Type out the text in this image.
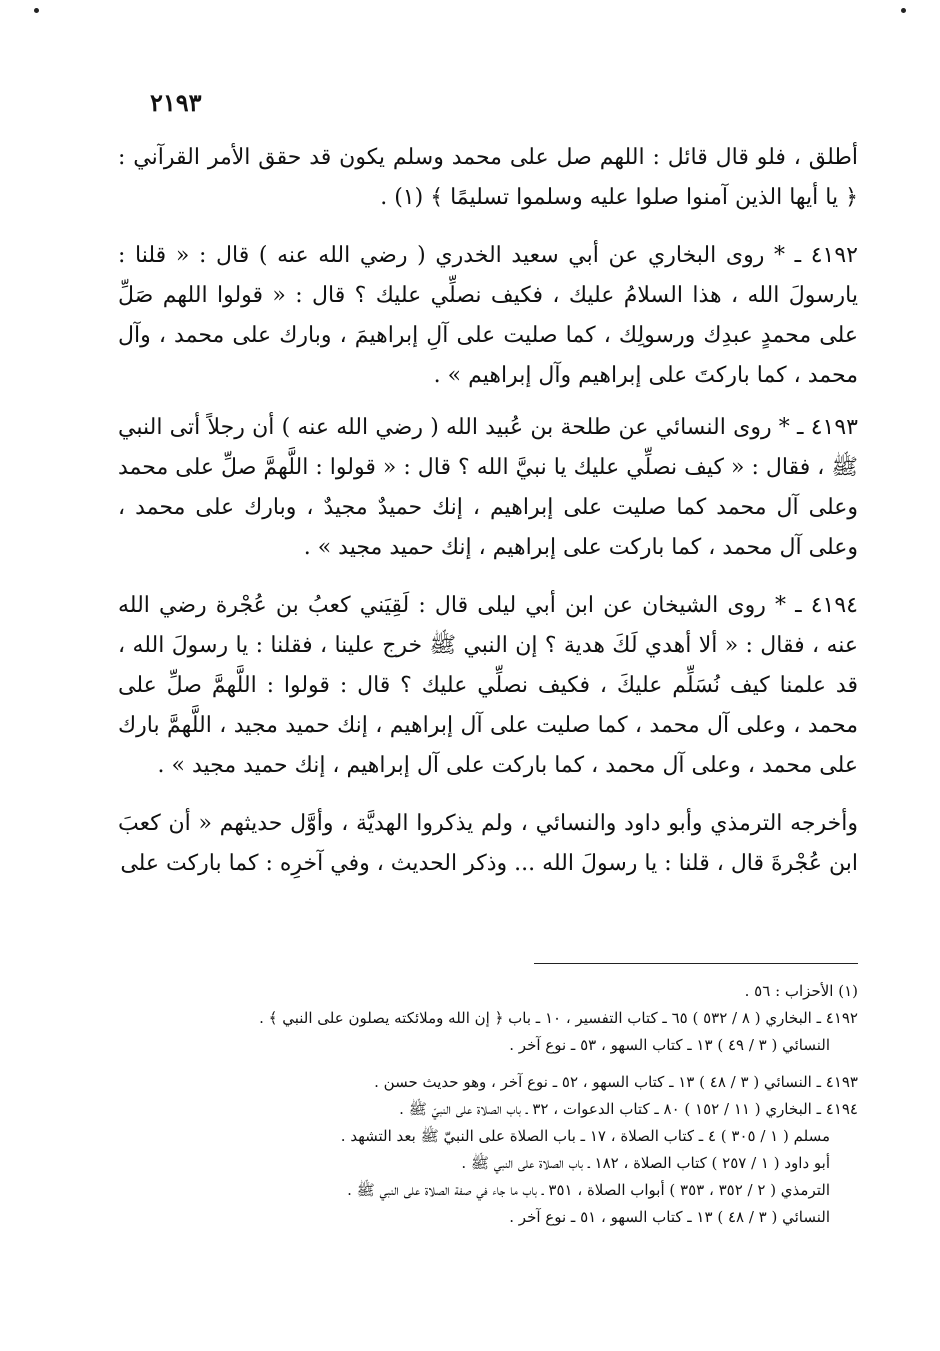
٢١٩٣

أطلق ، فلو قال قائل : اللهم صل على محمد وسلم يكون قد حقق الأمر القرآني : ﴿ يا أيها الذين آمنوا صلوا عليه وسلموا تسليمًا ﴾ (١) .

٤١٩٢ ـ * روى البخاري عن أبي سعيد الخدري ( رضي الله عنه ) قال : « قلنا : يارسولَ الله ، هذا السلامُ عليك ، فكيف نصلِّي عليك ؟ قال : « قولوا اللهم صَلِّ على محمدٍ عبدِك ورسولِك ، كما صليت على آلِ إبراهيمَ ، وبارك على محمد ، وآل محمد ، كما باركتَ على إبراهيم وآل إبراهيم » .

٤١٩٣ ـ * روى النسائي عن طلحة بن عُبيد الله ( رضي الله عنه ) أن رجلاً أتى النبي ﷺ ، فقال : « كيف نصلِّي عليك يا نبيَّ الله ؟ قال : « قولوا : اللَّهمَّ صلِّ على محمد وعلى آل محمد كما صليت على إبراهيم ، إنك حميدٌ مجيدٌ ، وبارك على محمد ، وعلى آل محمد ، كما باركت على إبراهيم ، إنك حميد مجيد » .

٤١٩٤ ـ * روى الشيخان عن ابن أبي ليلى قال : لَقِيَني كعبُ بن عُجْرة رضي الله عنه ، فقال : « ألا أهدي لَكَ هدية ؟ إن النبي ﷺ خرج علينا ، فقلنا : يا رسولَ الله ، قد علمنا كيف نُسَلِّم عليكَ ، فكيف نصلِّي عليك ؟ قال : قولوا : اللَّهمَّ صلِّ على محمد ، وعلى آل محمد ، كما صليت على آل إبراهيم ، إنك حميد مجيد ، اللَّهمَّ بارك على محمد ، وعلى آل محمد ، كما باركت على آل إبراهيم ، إنك حميد مجيد » .

وأخرجه الترمذي وأبو داود والنسائي ، ولم يذكروا الهديَّة ، وأوَّل حديثهم « أن كعبَ ابن عُجْرةَ قال ، قلنا : يا رسولَ الله ... وذكر الحديث ، وفي آخرِه : كما باركت على

(١) الأحزاب : ٥٦ .

٤١٩٢ ـ البخاري ( ٨ / ٥٣٢ ) ٦٥ ـ كتاب التفسير ، ١٠ ـ باب ﴿ إن الله وملائكته يصلون على النبي ﴾ .

النسائي ( ٣ / ٤٩ ) ١٣ ـ كتاب السهو ، ٥٣ ـ نوع آخر .

٤١٩٣ ـ النسائي ( ٣ / ٤٨ ) ١٣ ـ كتاب السهو ، ٥٢ ـ نوع آخر ، وهو حديث حسن .

٤١٩٤ ـ البخاري ( ١١ / ١٥٢ ) ٨٠ ـ كتاب الدعوات ، ٣٢ ـ باب الصلاة على النبيّ ﷺ .

مسلم ( ١ / ٣٠٥ ) ٤ ـ كتاب الصلاة ، ١٧ ـ باب الصلاة على النبيّ ﷺ بعد التشهد .

أبو داود ( ١ / ٢٥٧ ) كتاب الصلاة ، ١٨٢ ـ باب الصلاة على النبي ﷺ .

الترمذي ( ٢ / ٣٥٢ ، ٣٥٣ ) أبواب الصلاة ، ٣٥١ ـ باب ما جاء في صفة الصلاة على النبي ﷺ .

النسائي ( ٣ / ٤٨ ) ١٣ ـ كتاب السهو ، ٥١ ـ نوع آخر .
